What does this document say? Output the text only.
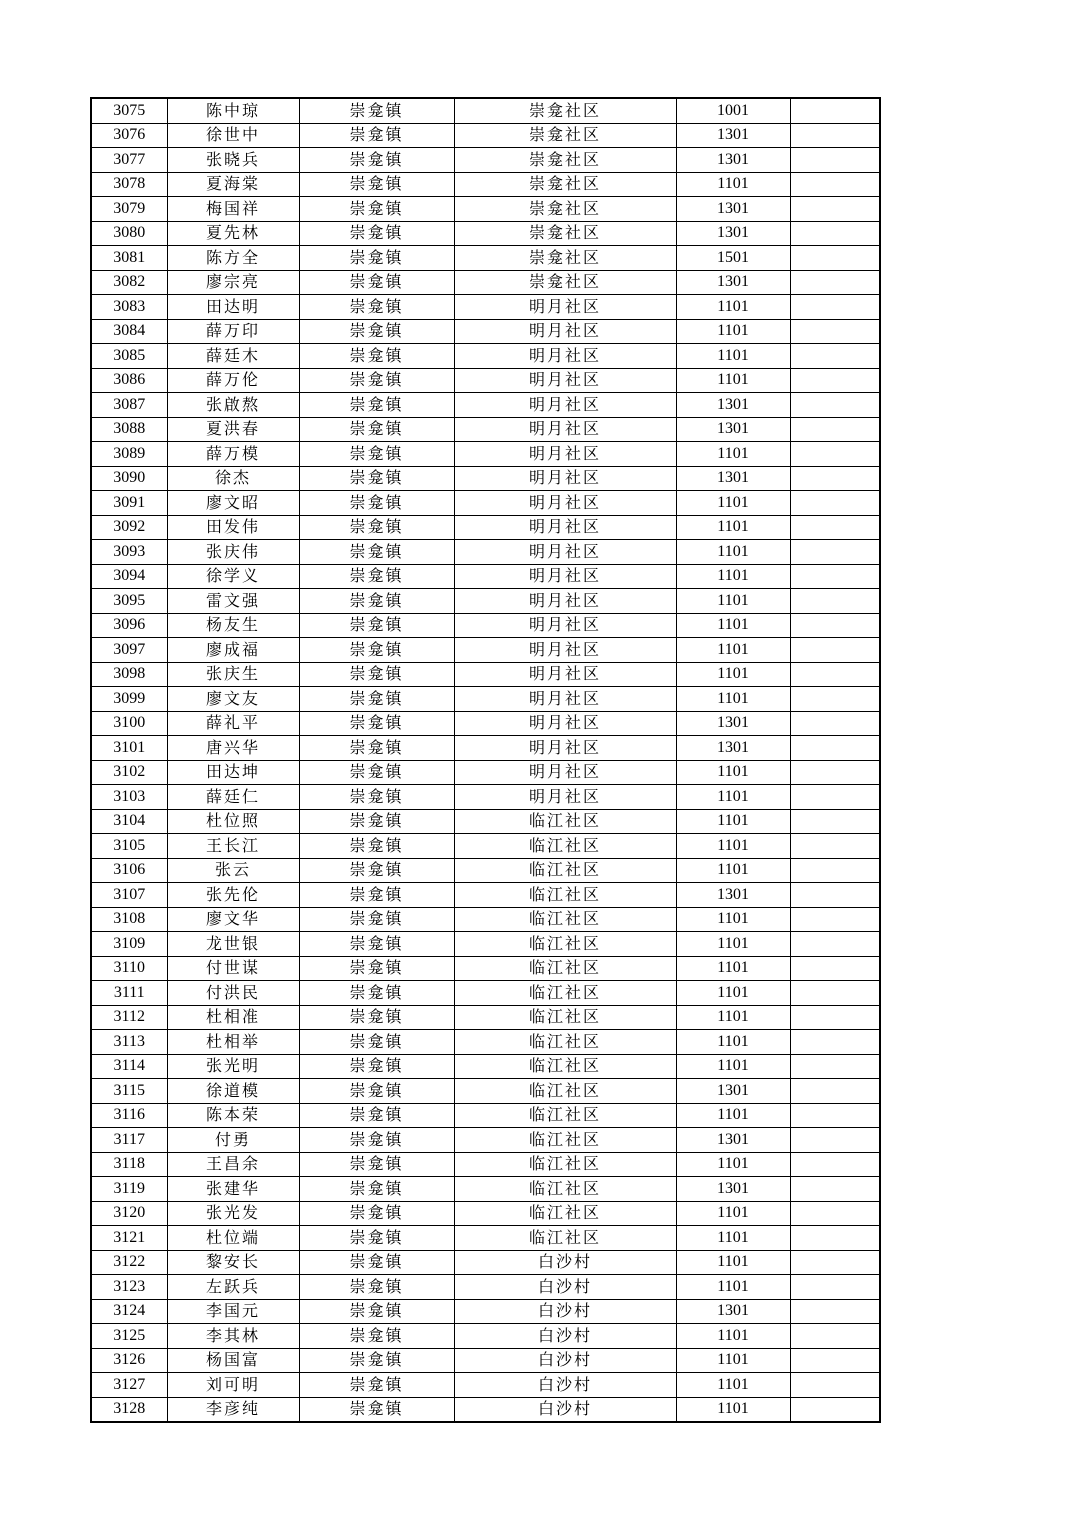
3075	陈中琼	崇龛镇	崇龛社区	1001	
3076	徐世中	崇龛镇	崇龛社区	1301	
3077	张晓兵	崇龛镇	崇龛社区	1301	
3078	夏海棠	崇龛镇	崇龛社区	1101	
3079	梅国祥	崇龛镇	崇龛社区	1301	
3080	夏先林	崇龛镇	崇龛社区	1301	
3081	陈方全	崇龛镇	崇龛社区	1501	
3082	廖宗亮	崇龛镇	崇龛社区	1301	
3083	田达明	崇龛镇	明月社区	1101	
3084	薛万印	崇龛镇	明月社区	1101	
3085	薛廷木	崇龛镇	明月社区	1101	
3086	薛万伦	崇龛镇	明月社区	1101	
3087	张啟熬	崇龛镇	明月社区	1301	
3088	夏洪春	崇龛镇	明月社区	1301	
3089	薛万模	崇龛镇	明月社区	1101	
3090	徐杰	崇龛镇	明月社区	1301	
3091	廖文昭	崇龛镇	明月社区	1101	
3092	田发伟	崇龛镇	明月社区	1101	
3093	张庆伟	崇龛镇	明月社区	1101	
3094	徐学义	崇龛镇	明月社区	1101	
3095	雷文强	崇龛镇	明月社区	1101	
3096	杨友生	崇龛镇	明月社区	1101	
3097	廖成福	崇龛镇	明月社区	1101	
3098	张庆生	崇龛镇	明月社区	1101	
3099	廖文友	崇龛镇	明月社区	1101	
3100	薛礼平	崇龛镇	明月社区	1301	
3101	唐兴华	崇龛镇	明月社区	1301	
3102	田达坤	崇龛镇	明月社区	1101	
3103	薛廷仁	崇龛镇	明月社区	1101	
3104	杜位照	崇龛镇	临江社区	1101	
3105	王长江	崇龛镇	临江社区	1101	
3106	张云	崇龛镇	临江社区	1101	
3107	张先伦	崇龛镇	临江社区	1301	
3108	廖文华	崇龛镇	临江社区	1101	
3109	龙世银	崇龛镇	临江社区	1101	
3110	付世谋	崇龛镇	临江社区	1101	
3111	付洪民	崇龛镇	临江社区	1101	
3112	杜相准	崇龛镇	临江社区	1101	
3113	杜相举	崇龛镇	临江社区	1101	
3114	张光明	崇龛镇	临江社区	1101	
3115	徐道模	崇龛镇	临江社区	1301	
3116	陈本荣	崇龛镇	临江社区	1101	
3117	付勇	崇龛镇	临江社区	1301	
3118	王昌余	崇龛镇	临江社区	1101	
3119	张建华	崇龛镇	临江社区	1301	
3120	张光发	崇龛镇	临江社区	1101	
3121	杜位端	崇龛镇	临江社区	1101	
3122	黎安长	崇龛镇	白沙村	1101	
3123	左跃兵	崇龛镇	白沙村	1101	
3124	李国元	崇龛镇	白沙村	1301	
3125	李其林	崇龛镇	白沙村	1101	
3126	杨国富	崇龛镇	白沙村	1101	
3127	刘可明	崇龛镇	白沙村	1101	
3128	李彦纯	崇龛镇	白沙村	1101	
